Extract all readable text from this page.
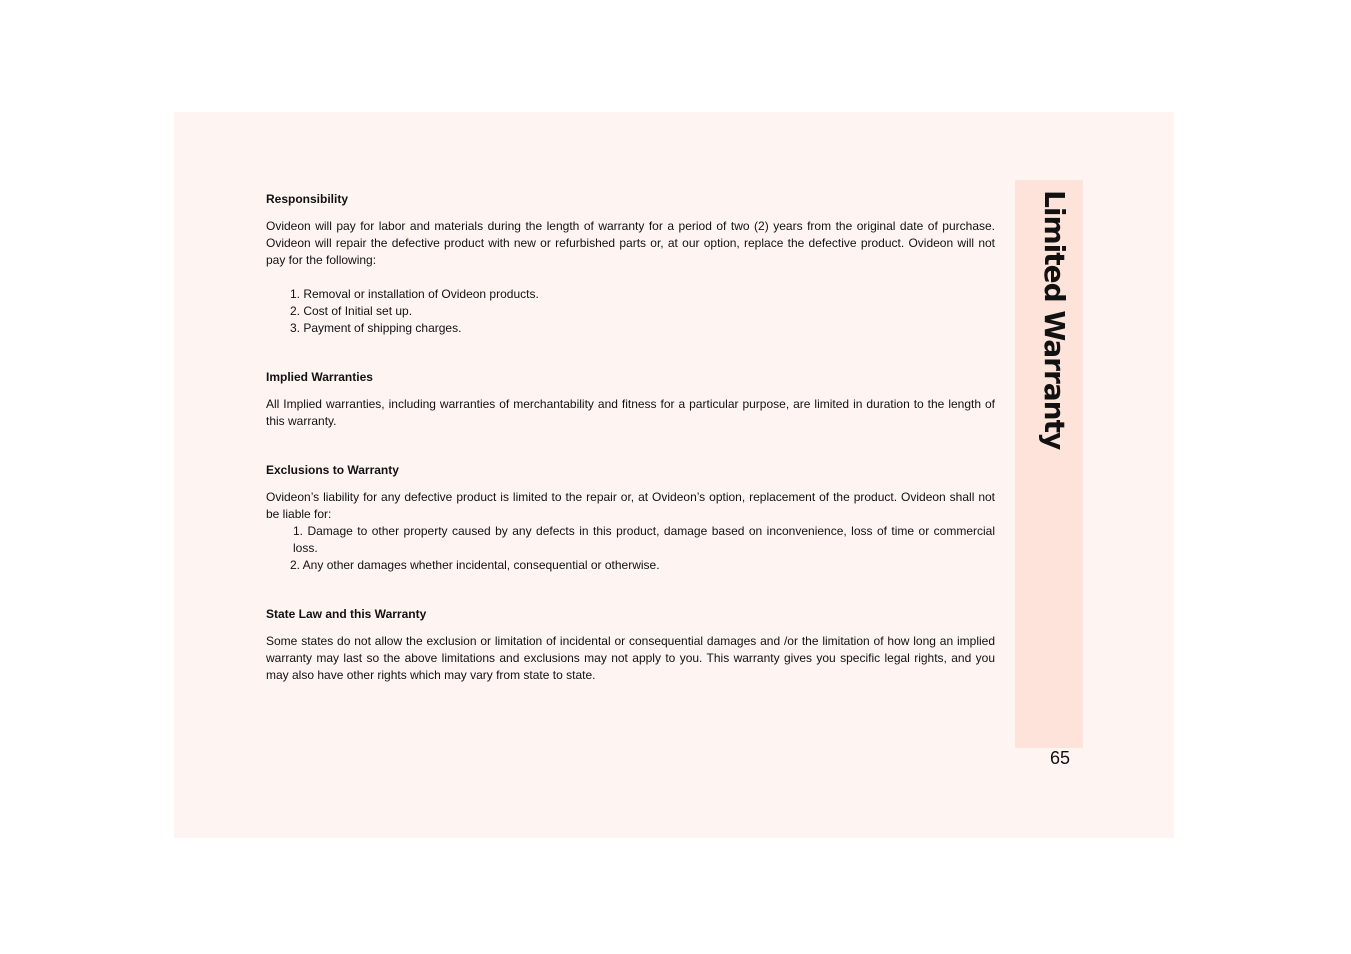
Responsibility

Ovideon will pay for labor and materials during the length of warranty for a period of two (2) years from the original date of purchase. Ovideon will repair the defective product with new or refurbished parts or, at our option, replace the defective product. Ovideon will not pay for the following:

1. Removal or installation of Ovideon products.
2. Cost of Initial set up.
3. Payment of shipping charges.

Implied Warranties

All Implied warranties, including warranties of merchantability and fitness for a particular purpose, are limited in duration to the length of this warranty.

Exclusions to Warranty

Ovideon’s liability for any defective product is limited to the repair or, at Ovideon’s option, replacement of the product. Ovideon shall not be liable for:

1. Damage to other property caused by any defects in this product, damage based on inconvenience, loss of time or commercial loss.
2. Any other damages whether incidental, consequential or otherwise.

State Law and this Warranty

Some states do not allow the exclusion or limitation of incidental or consequential damages and /or the limitation of how long an implied warranty may last so the above limitations and exclusions may not apply to you. This warranty gives you specific legal rights, and you may also have other rights which may vary from state to state.

Limited Warranty
65
